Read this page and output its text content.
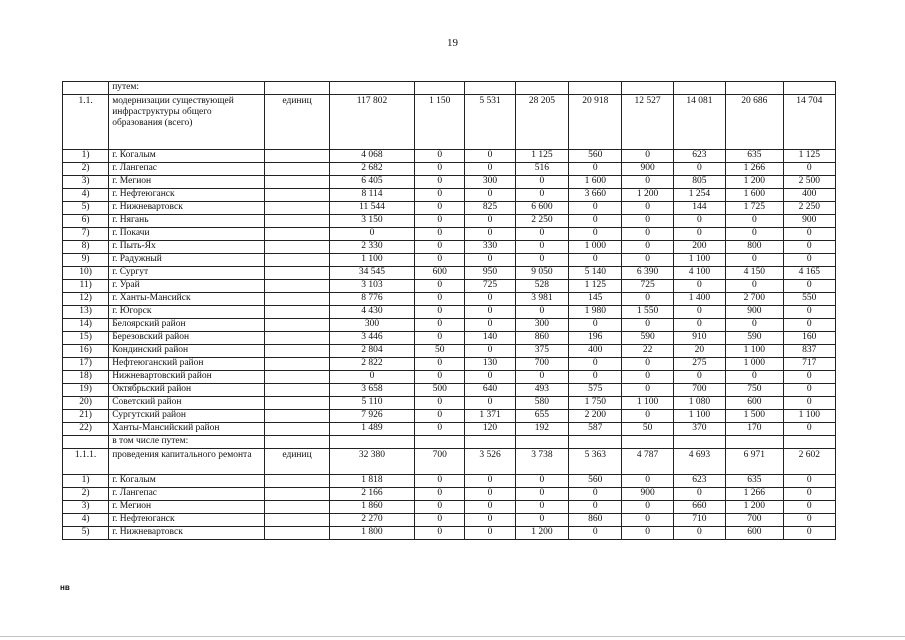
19
	путем:										
1.1.	модернизации существующей инфраструктуры общего образования (всего)	единиц	117 802	1 150	5 531	28 205	20 918	12 527	14 081	20 686	14 704
1)	г. Когалым		4 068	0	0	1 125	560	0	623	635	1 125
2)	г. Лангепас		2 682	0	0	516	0	900	0	1 266	0
3)	г. Мегион		6 405	0	300	0	1 600	0	805	1 200	2 500
4)	г. Нефтеюганск		8 114	0	0	0	3 660	1 200	1 254	1 600	400
5)	г. Нижневартовск		11 544	0	825	6 600	0	0	144	1 725	2 250
6)	г. Нягань		3 150	0	0	2 250	0	0	0	0	900
7)	г. Покачи		0	0	0	0	0	0	0	0	0
8)	г. Пыть-Ях		2 330	0	330	0	1 000	0	200	800	0
9)	г. Радужный		1 100	0	0	0	0	0	1 100	0	0
10)	г. Сургут		34 545	600	950	9 050	5 140	6 390	4 100	4 150	4 165
11)	г. Урай		3 103	0	725	528	1 125	725	0	0	0
12)	г. Ханты-Мансийск		8 776	0	0	3 981	145	0	1 400	2 700	550
13)	г. Югорск		4 430	0	0	0	1 980	1 550	0	900	0
14)	Белоярский район		300	0	0	300	0	0	0	0	0
15)	Березовский район		3 446	0	140	860	196	590	910	590	160
16)	Кондинский район		2 804	50	0	375	400	22	20	1 100	837
17)	Нефтеюганский район		2 822	0	130	700	0	0	275	1 000	717
18)	Нижневартовский район		0	0	0	0	0	0	0	0	0
19)	Октябрьский район		3 658	500	640	493	575	0	700	750	0
20)	Советский район		5 110	0	0	580	1 750	1 100	1 080	600	0
21)	Сургутский район		7 926	0	1 371	655	2 200	0	1 100	1 500	1 100
22)	Ханты-Мансийский район		1 489	0	120	192	587	50	370	170	0
	в том числе путем:										
1.1.1.	проведения капитального ремонта	единиц	32 380	700	3 526	3 738	5 363	4 787	4 693	6 971	2 602
1)	г. Когалым		1 818	0	0	0	560	0	623	635	0
2)	г. Лангепас		2 166	0	0	0	0	900	0	1 266	0
3)	г. Мегион		1 860	0	0	0	0	0	660	1 200	0
4)	г. Нефтеюганск		2 270	0	0	0	860	0	710	700	0
5)	г. Нижневартовск		1 800	0	0	1 200	0	0	0	600	0
нв
